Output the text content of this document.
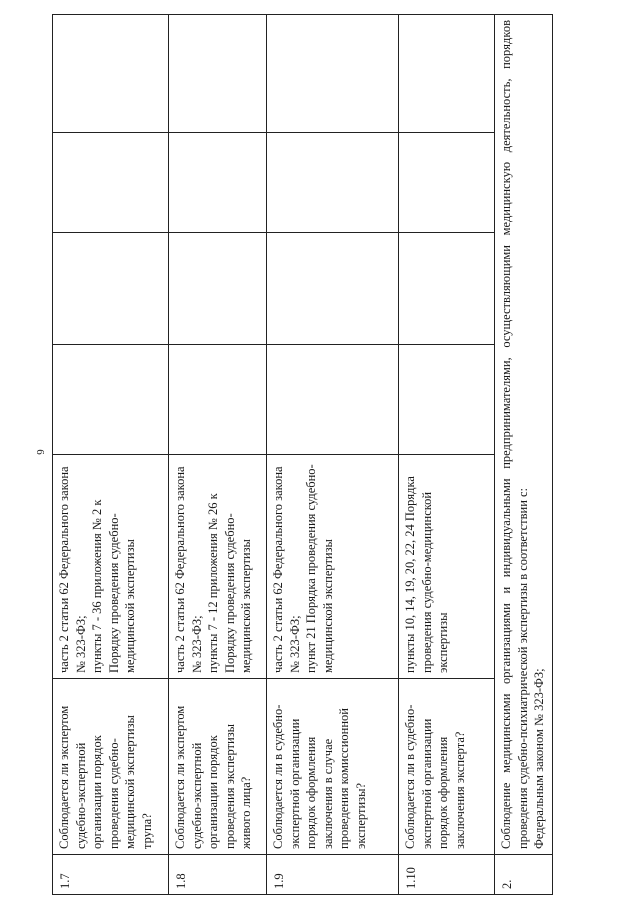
6
1.7	Соблюдается ли экспертом судебно-экспертной организации порядок проведения судебно-медицинской экспертизы трупа?	часть 2 статьи 62 Федерального закона № 323-ФЗ; пункты 7 - 36 приложения № 2 к Порядку проведения судебно-медицинской экспертизы				

1.8	Соблюдается ли экспертом судебно-экспертной организации порядок проведения экспертизы живого лица?	часть 2 статьи 62 Федерального закона № 323-ФЗ; пункты 7 - 12 приложения № 26 к Порядку проведения судебно-медицинской экспертизы				

1.9	Соблюдается ли в судебно-экспертной организации порядок оформления заключения в случае проведения комиссионной экспертизы?	часть 2 статьи 62 Федерального закона № 323-ФЗ; пункт 21 Порядка проведения судебно-медицинской экспертизы				

1.10	Соблюдается ли в судебно-экспертной организации порядок оформления заключения эксперта?	пункты 10, 14, 19, 20, 22, 24 Порядка проведения судебно-медицинской экспертизы				

2.	Соблюдение медицинскими организациями и индивидуальными предпринимателями, осуществляющими медицинскую деятельность, порядков проведения судебно-психиатрической экспертизы в соответствии с: Федеральным законом № 323-ФЗ;					
